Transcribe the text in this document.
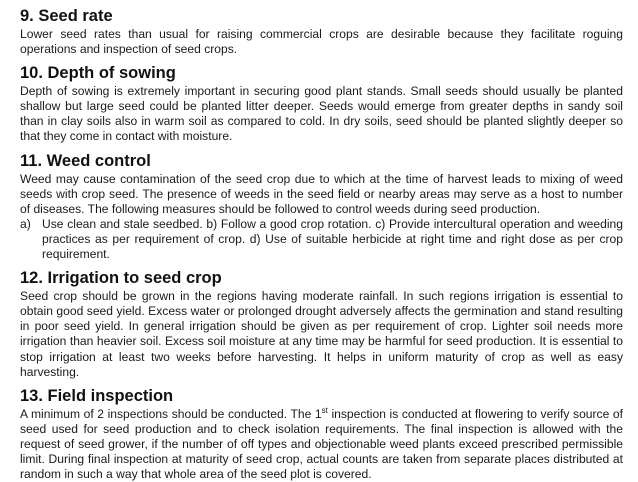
9. Seed rate

Lower seed rates than usual for raising commercial crops are desirable because they facilitate roguing operations and inspection of seed crops.

10. Depth of sowing

Depth of sowing is extremely important in securing good plant stands. Small seeds should usually be planted shallow but large seed could be planted litter deeper. Seeds would emerge from greater depths in sandy soil than in clay soils also in warm soil as compared to cold. In dry soils, seed should be planted slightly deeper so that they come in contact with moisture.

11. Weed control

Weed may cause contamination of the seed crop due to which at the time of harvest leads to mixing of weed seeds with crop seed. The presence of weeds in the seed field or nearby areas may serve as a host to number of diseases. The following measures should be followed to control weeds during seed production.

a) Use clean and stale seedbed. b) Follow a good crop rotation. c) Provide intercultural operation and weeding practices as per requirement of crop. d) Use of suitable herbicide at right time and right dose as per crop requirement.
12. Irrigation to seed crop

Seed crop should be grown in the regions having moderate rainfall. In such regions irrigation is essential to obtain good seed yield. Excess water or prolonged drought adversely affects the germination and stand resulting in poor seed yield. In general irrigation should be given as per requirement of crop. Lighter soil needs more irrigation than heavier soil. Excess soil moisture at any time may be harmful for seed production. It is essential to stop irrigation at least two weeks before harvesting. It helps in uniform maturity of crop as well as easy harvesting.

13. Field inspection

A minimum of 2 inspections should be conducted. The 1st inspection is conducted at flowering to verify source of seed used for seed production and to check isolation requirements. The final inspection is allowed with the request of seed grower, if the number of off types and objectionable weed plants exceed prescribed permissible limit. During final inspection at maturity of seed crop, actual counts are taken from separate places distributed at random in such a way that whole area of the seed plot is covered.
